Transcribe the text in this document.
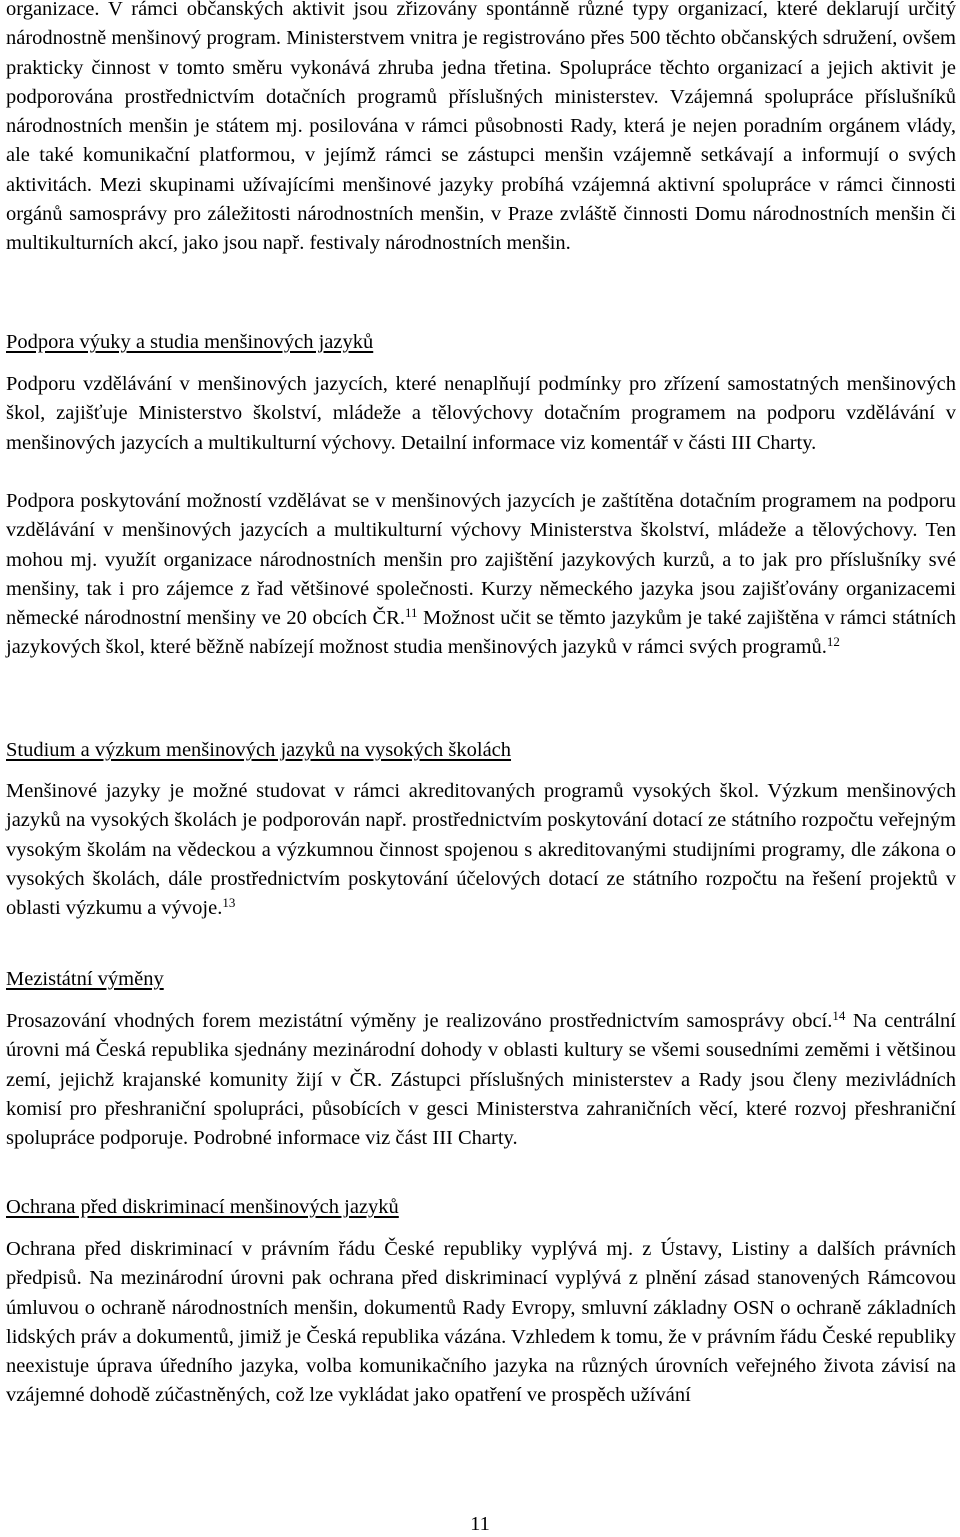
organizace. V rámci občanských aktivit jsou zřizovány spontánně různé typy organizací, které deklarují určitý národnostně menšinový program. Ministerstvem vnitra je registrováno přes 500 těchto občanských sdružení, ovšem prakticky činnost v tomto směru vykonává zhruba jedna třetina. Spolupráce těchto organizací a jejich aktivit je podporována prostřednictvím dotačních programů příslušných ministerstev. Vzájemná spolupráce příslušníků národnostních menšin je státem mj. posilována v rámci působnosti Rady, která je nejen poradním orgánem vlády, ale také komunikační platformou, v jejímž rámci se zástupci menšin vzájemně setkávají a informují o svých aktivitách. Mezi skupinami užívajícími menšinové jazyky probíhá vzájemná aktivní spolupráce v rámci činnosti orgánů samosprávy pro záležitosti národnostních menšin, v Praze zvláště činnosti Domu národnostních menšin či multikulturních akcí, jako jsou např. festivaly národnostních menšin.

Podpora výuky a studia menšinových jazyků

Podporu vzdělávání v menšinových jazycích, které nenaplňují podmínky pro zřízení samostatných menšinových škol, zajišťuje Ministerstvo školství, mládeže a tělovýchovy dotačním programem na podporu vzdělávání v menšinových jazycích a multikulturní výchovy. Detailní informace viz komentář v části III Charty.

Podpora poskytování možností vzdělávat se v menšinových jazycích je zaštítěna dotačním programem na podporu vzdělávání v menšinových jazycích a multikulturní výchovy Ministerstva školství, mládeže a tělovýchovy. Ten mohou mj. využít organizace národnostních menšin pro zajištění jazykových kurzů, a to jak pro příslušníky své menšiny, tak i pro zájemce z řad většinové společnosti. Kurzy německého jazyka jsou zajišťovány organizacemi německé národnostní menšiny ve 20 obcích ČR.$^{11}$ Možnost učit se těmto jazykům je také zajištěna v rámci státních jazykových škol, které běžně nabízejí možnost studia menšinových jazyků v rámci svých programů.$^{12}$

Studium a výzkum menšinových jazyků na vysokých školách

Menšinové jazyky je možné studovat v rámci akreditovaných programů vysokých škol. Výzkum menšinových jazyků na vysokých školách je podporován např. prostřednictvím poskytování dotací ze státního rozpočtu veřejným vysokým školám na vědeckou a výzkumnou činnost spojenou s akreditovanými studijními programy, dle zákona o vysokých školách, dále prostřednictvím poskytování účelových dotací ze státního rozpočtu na řešení projektů v oblasti výzkumu a vývoje.$^{13}$

Mezistátní výměny

Prosazování vhodných forem mezistátní výměny je realizováno prostřednictvím samosprávy obcí.$^{14}$ Na centrální úrovni má Česká republika sjednány mezinárodní dohody v oblasti kultury se všemi sousedními zeměmi i většinou zemí, jejichž krajanské komunity žijí v ČR. Zástupci příslušných ministerstev a Rady jsou členy mezivládních komisí pro přeshraniční spolupráci, působících v gesci Ministerstva zahraničních věcí, které rozvoj přeshraniční spolupráce podporuje. Podrobné informace viz část III Charty.

Ochrana před diskriminací menšinových jazyků

Ochrana před diskriminací v právním řádu České republiky vyplývá mj. z Ústavy, Listiny a dalších právních předpisů. Na mezinárodní úrovni pak ochrana před diskriminací vyplývá z plnění zásad stanovených Rámcovou úmluvou o ochraně národnostních menšin, dokumentů Rady Evropy, smluvní základny OSN o ochraně základních lidských práv a dokumentů, jimiž je Česká republika vázána. Vzhledem k tomu, že v právním řádu České republiky neexistuje úprava úředního jazyka, volba komunikačního jazyka na různých úrovních veřejného života závisí na vzájemné dohodě zúčastněných, což lze vykládat jako opatření ve prospěch užívání

11
